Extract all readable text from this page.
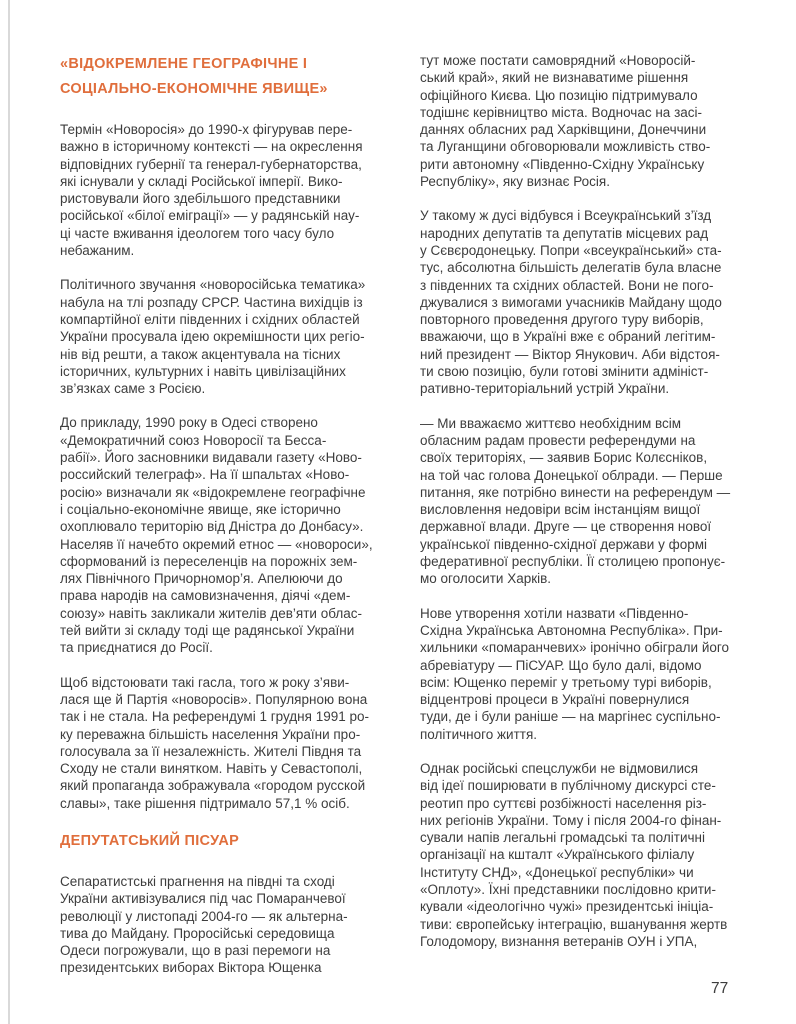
«ВІДОКРЕМЛЕНЕ ГЕОГРАФІЧНЕ І
СОЦІАЛЬНО-ЕКОНОМІЧНЕ ЯВИЩЕ»

Термін «Новоросія» до 1990-х фігурував пере-
важно в історичному контексті — на окреслення
відповідних губернії та генерал-губернаторства,
які існували у складі Російської імперії. Вико-
ристовували його здебільшого представники
російської «білої еміграції» — у радянській нау-
ці часте вживання ідеологем того часу було
небажаним.

Політичного звучання «новоросійська тематика»
набула на тлі розпаду СРСР. Частина вихідців із
компартійної еліти південних і східних областей
України просувала ідею окремішности цих регіо-
нів від решти, а також акцентувала на тісних
історичних, культурних і навіть цивілізаційних
зв’язках саме з Росією.

До прикладу, 1990 року в Одесі створено
«Демократичний союз Новоросії та Бесса-
рабії». Його засновники видавали газету «Ново-
российский телеграф». На її шпальтах «Ново-
росію» визначали як «відокремлене географічне
і соціально-економічне явище, яке історично
охоплювало територію від Дністра до Донбасу».
Населяв її начебто окремий етнос — «новороси»,
сформований із переселенців на порожніх зем-
лях Північного Причорномор’я. Апелюючи до
права народів на самовизначення, діячі «дем-
союзу» навіть закликали жителів дев’яти облас-
тей вийти зі складу тоді ще радянської України
та приєднатися до Росії.

Щоб відстоювати такі гасла, того ж року з’яви-
лася ще й Партія «новоросів». Популярною вона
так і не стала. На референдумі 1 грудня 1991 ро-
ку переважна більшість населення України про-
голосувала за її незалежність. Жителі Півдня та
Сходу не стали винятком. Навіть у Севастополі,
який пропаганда зображувала «городом русской
славы», таке рішення підтримало 57,1 % осіб.

ДЕПУТАТСЬКИЙ ПІСУАР

Сепаратистські прагнення на півдні та сході
України активізувалися під час Помаранчевої
революції у листопаді 2004-го — як альтерна-
тива до Майдану. Проросійські середовища
Одеси погрожували, що в разі перемоги на
президентських виборах Віктора Ющенка

тут може постати самоврядний «Новоросій-
ський край», який не визнаватиме рішення
офіційного Києва. Цю позицію підтримувало
тодішнє керівництво міста. Водночас на засі-
даннях обласних рад Харківщини, Донеччини
та Луганщини обговорювали можливість ство-
рити автономну «Південно-Східну Українську
Республіку», яку визнає Росія.

У такому ж дусі відбувся і Всеукраїнський з’їзд
народних депутатів та депутатів місцевих рад
у Сєвєродонецьку. Попри «всеукраїнський» ста-
тус, абсолютна більшість делегатів була власне
з південних та східних областей. Вони не пого-
джувалися з вимогами учасників Майдану щодо
повторного проведення другого туру виборів,
вважаючи, що в Україні вже є обраний легітим-
ний президент — Віктор Янукович. Аби відстоя-
ти свою позицію, були готові змінити адмініст-
ративно-територіальний устрій України.

— Ми вважаємо життєво необхідним всім
обласним радам провести референдуми на
своїх територіях, — заявив Борис Колєсніков,
на той час голова Донецької облради. — Перше
питання, яке потрібно винести на референдум —
висловлення недовіри всім інстанціям вищої
державної влади. Друге — це створення нової
української південно-східної держави у формі
федеративної республіки. Її столицею пропонує-
мо оголосити Харків.

Нове утворення хотіли назвати «Південно-
Східна Українська Автономна Республіка». При-
хильники «помаранчевих» іронічно обіграли його
абревіатуру — ПіСУАР. Що було далі, відомо
всім: Ющенко переміг у третьому турі виборів,
відцентрові процеси в Україні повернулися
туди, де і були раніше — на маргінес суспільно-
політичного життя.

Однак російські спецслужби не відмовилися
від ідеї поширювати в публічному дискурсі сте-
реотип про суттєві розбіжності населення різ-
них регіонів України. Тому і після 2004-го фінан-
сували напів легальні громадські та політичні
організації на кшталт «Українського філіалу
Інституту СНД», «Донецької республіки» чи
«Оплоту». Їхні представники послідовно крити-
кували «ідеологічно чужі» президентські ініціа-
тиви: європейську інтеграцію, вшанування жертв
Голодомору, визнання ветеранів ОУН і УПА,

77
